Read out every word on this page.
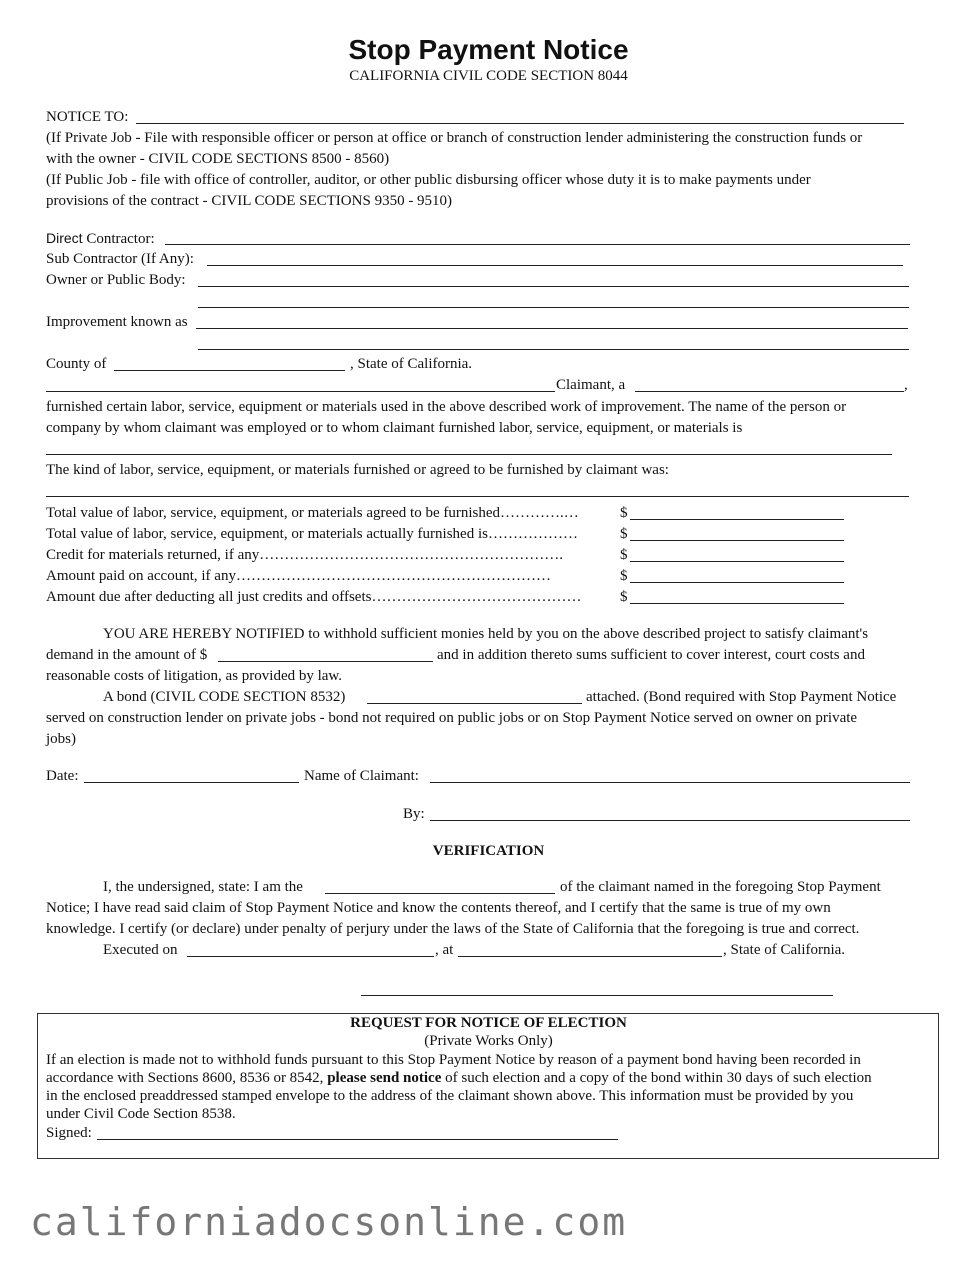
Stop Payment Notice
CALIFORNIA CIVIL CODE SECTION 8044
NOTICE TO:
(If Private Job - File with responsible officer or person at office or branch of construction lender administering the construction funds or
with the owner - CIVIL CODE SECTIONS 8500 - 8560)
(If Public Job - file with office of controller, auditor, or other public disbursing officer whose duty it is to make payments under
provisions of the contract - CIVIL CODE SECTIONS 9350 - 9510)
Direct Contractor:
Sub Contractor (If Any):
Owner or Public Body:
Improvement known as
County of	, State of California.
Claimant, a	,
furnished certain labor, service, equipment or materials used in the above described work of improvement. The name of the person or
company by whom claimant was employed or to whom claimant furnished labor, service, equipment, or materials is
The kind of labor, service, equipment, or materials furnished or agreed to be furnished by claimant was:
Total value of labor, service, equipment, or materials agreed to be furnished………….…	$
Total value of labor, service, equipment, or materials actually furnished is………………	$
Credit for materials returned, if any…………………………………………………….	$
Amount paid on account, if any………………………………………………………	$
Amount due after deducting all just credits and offsets……………………………………	$
YOU ARE HEREBY NOTIFIED to withhold sufficient monies held by you on the above described project to satisfy claimant's
demand in the amount of $	and in addition thereto sums sufficient to cover interest, court costs and
reasonable costs of litigation, as provided by law.
A bond (CIVIL CODE SECTION 8532)	attached. (Bond required with Stop Payment Notice
served on construction lender on private jobs - bond not required on public jobs or on Stop Payment Notice served on owner on private
jobs)
Date:	Name of Claimant:
By:
VERIFICATION
I, the undersigned, state: I am the	of the claimant named in the foregoing Stop Payment
Notice; I have read said claim of Stop Payment Notice and know the contents thereof, and I certify that the same is true of my own
knowledge. I certify (or declare) under penalty of perjury under the laws of the State of California that the foregoing is true and correct.
Executed on	, at	, State of California.
REQUEST FOR NOTICE OF ELECTION
(Private Works Only)
If an election is made not to withhold funds pursuant to this Stop Payment Notice by reason of a payment bond having been recorded in
accordance with Sections 8600, 8536 or 8542, please send notice of such election and a copy of the bond within 30 days of such election
in the enclosed preaddressed stamped envelope to the address of the claimant shown above. This information must be provided by you
under Civil Code Section 8538.
Signed:
californiadocsonline.com
